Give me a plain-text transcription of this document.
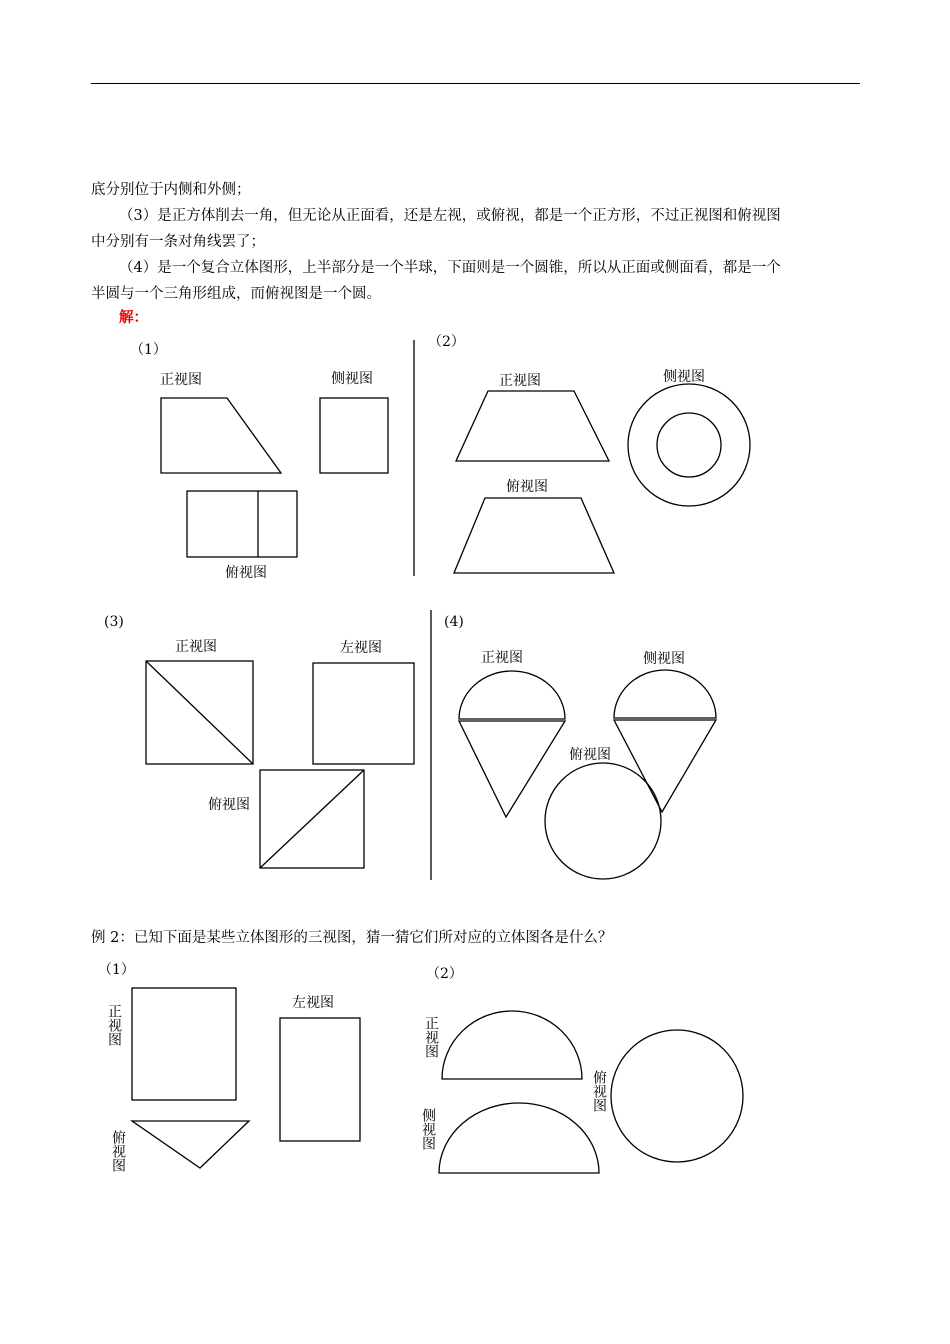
底分别位于内侧和外侧；
（3）是正方体削去一角，但无论从正面看，还是左视，或俯视，都是一个正方形，不过正视图和俯视图
中分别有一条对角线罢了；
（4）是一个复合立体图形，上半部分是一个半球，下面则是一个圆锥，所以从正面或侧面看，都是一个
半圆与一个三角形组成，而俯视图是一个圆。
解：
（1）
正视图	侧视图
俯视图
（2）
正视图	侧视图
俯视图
(3)
正视图	左视图
俯视图
(4)
正视图	侧视图
俯视图
（1）
正视图
左视图
俯视图
（2）
正视图
侧视图
俯视图
例 2：已知下面是某些立体图形的三视图，猜一猜它们所对应的立体图各是什么？
